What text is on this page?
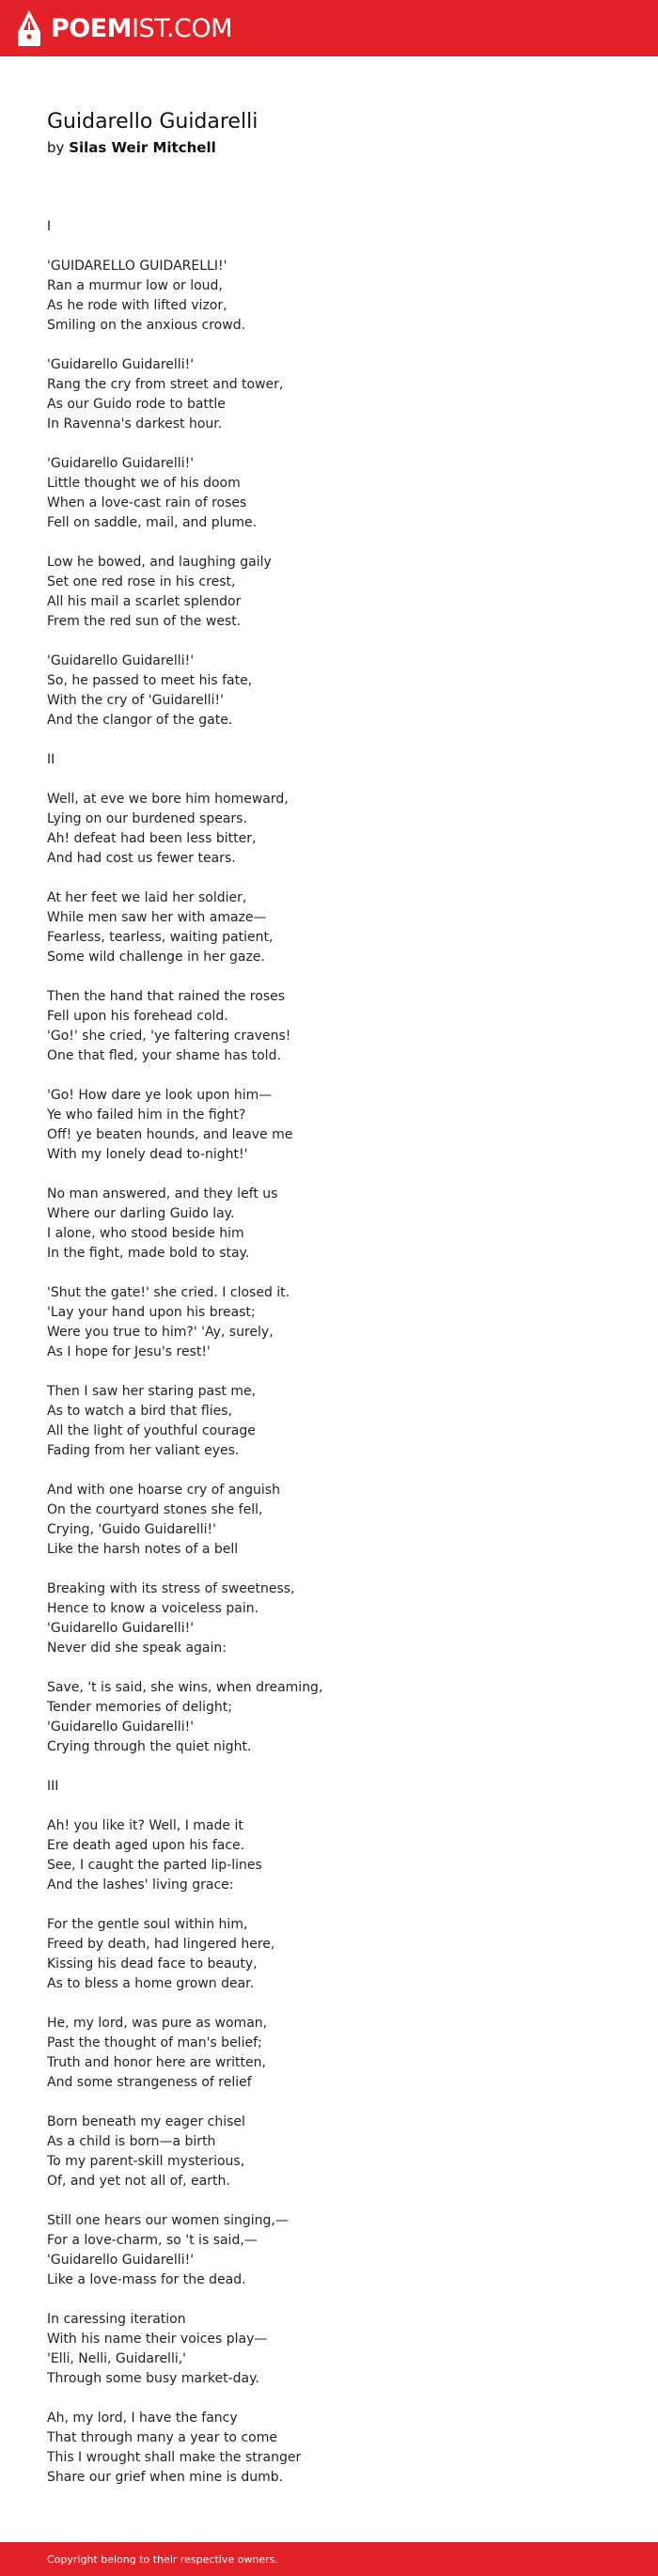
POEMIST.COM
Guidarello Guidarelli
by Silas Weir Mitchell
I
'GUIDARELLO GUIDARELLI!'
Ran a murmur low or loud,
As he rode with lifted vizor,
Smiling on the anxious crowd.
'Guidarello Guidarelli!'
Rang the cry from street and tower,
As our Guido rode to battle
In Ravenna's darkest hour.
'Guidarello Guidarelli!'
Little thought we of his doom
When a love-cast rain of roses
Fell on saddle, mail, and plume.
Low he bowed, and laughing gaily
Set one red rose in his crest,
All his mail a scarlet splendor
Frem the red sun of the west.
'Guidarello Guidarelli!'
So, he passed to meet his fate,
With the cry of 'Guidarelli!'
And the clangor of the gate.
II
Well, at eve we bore him homeward,
Lying on our burdened spears.
Ah! defeat had been less bitter,
And had cost us fewer tears.
At her feet we laid her soldier,
While men saw her with amaze—
Fearless, tearless, waiting patient,
Some wild challenge in her gaze.
Then the hand that rained the roses
Fell upon his forehead cold.
'Go!' she cried, 'ye faltering cravens!
One that fled, your shame has told.
'Go! How dare ye look upon him—
Ye who failed him in the fight?
Off! ye beaten hounds, and leave me
With my lonely dead to-night!'
No man answered, and they left us
Where our darling Guido lay.
I alone, who stood beside him
In the fight, made bold to stay.
'Shut the gate!' she cried. I closed it.
'Lay your hand upon his breast;
Were you true to him?' 'Ay, surely,
As I hope for Jesu's rest!'
Then I saw her staring past me,
As to watch a bird that flies,
All the light of youthful courage
Fading from her valiant eyes.
And with one hoarse cry of anguish
On the courtyard stones she fell,
Crying, 'Guido Guidarelli!'
Like the harsh notes of a bell
Breaking with its stress of sweetness,
Hence to know a voiceless pain.
'Guidarello Guidarelli!'
Never did she speak again:
Save, 't is said, she wins, when dreaming,
Tender memories of delight;
'Guidarello Guidarelli!'
Crying through the quiet night.
III
Ah! you like it? Well, I made it
Ere death aged upon his face.
See, I caught the parted lip-lines
And the lashes' living grace:
For the gentle soul within him,
Freed by death, had lingered here,
Kissing his dead face to beauty,
As to bless a home grown dear.
He, my lord, was pure as woman,
Past the thought of man's belief;
Truth and honor here are written,
And some strangeness of relief
Born beneath my eager chisel
As a child is born—a birth
To my parent-skill mysterious,
Of, and yet not all of, earth.
Still one hears our women singing,—
For a love-charm, so 't is said,—
'Guidarello Guidarelli!'
Like a love-mass for the dead.
In caressing iteration
With his name their voices play—
'Elli, Nelli, Guidarelli,'
Through some busy market-day.
Ah, my lord, I have the fancy
That through many a year to come
This I wrought shall make the stranger
Share our grief when mine is dumb.
Copyright belong to their respective owners.
